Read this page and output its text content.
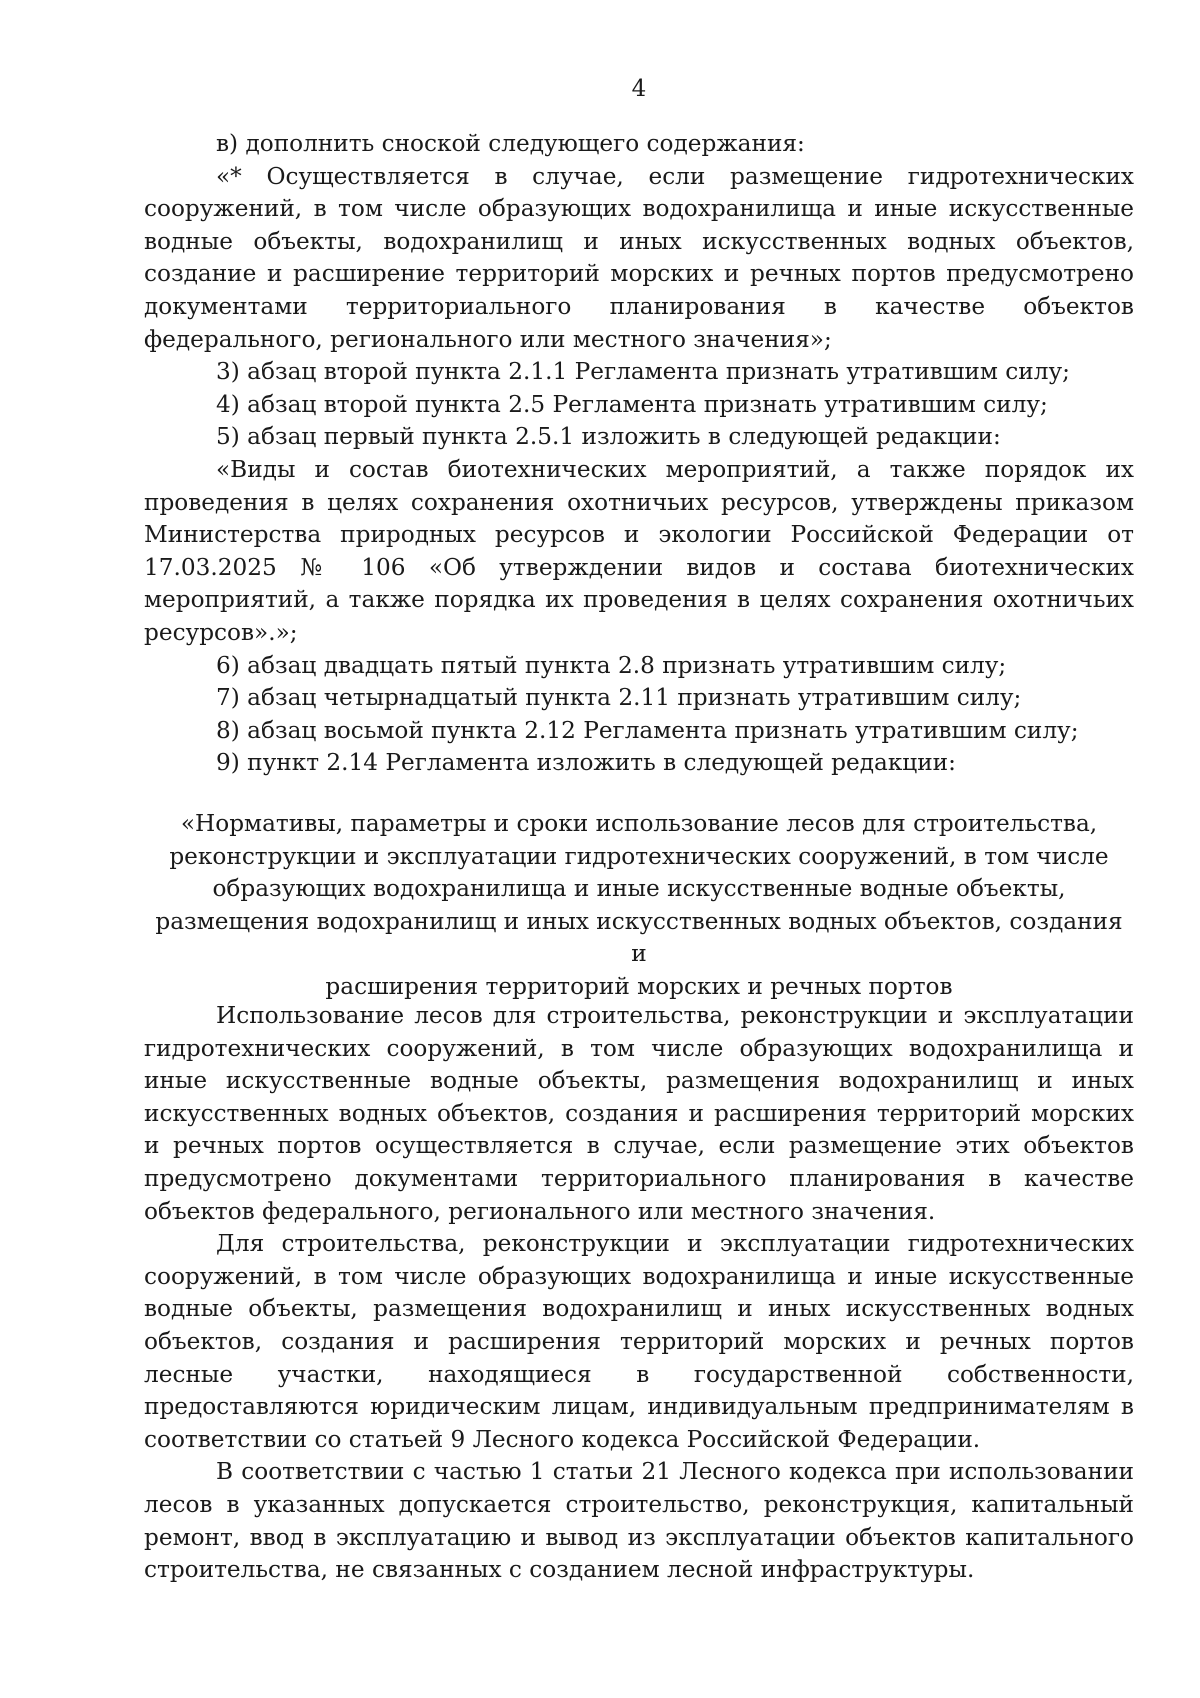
4

в) дополнить сноской следующего содержания:

«* Осуществляется в случае, если размещение гидротехнических сооружений, в том числе образующих водохранилища и иные искусственные водные объекты, водохранилищ и иных искусственных водных объектов, создание и расширение территорий морских и речных портов предусмотрено документами территориального планирования в качестве объектов федерального, регионального или местного значения»;

3) абзац второй пункта 2.1.1 Регламента признать утратившим силу;

4) абзац второй пункта 2.5 Регламента признать утратившим силу;

5) абзац первый пункта 2.5.1 изложить в следующей редакции:

«Виды и состав биотехнических мероприятий, а также порядок их проведения в целях сохранения охотничьих ресурсов, утверждены приказом Министерства природных ресурсов и экологии Российской Федерации от 17.03.2025 № 106 «Об утверждении видов и состава биотехнических мероприятий, а также порядка их проведения в целях сохранения охотничьих ресурсов».»;

6) абзац двадцать пятый пункта 2.8 признать утратившим силу;

7) абзац четырнадцатый пункта 2.11 признать утратившим силу;

8) абзац восьмой пункта 2.12 Регламента признать утратившим силу;

9) пункт 2.14 Регламента изложить в следующей редакции:

«Нормативы, параметры и сроки использование лесов для строительства,
реконструкции и эксплуатации гидротехнических сооружений, в том числе
образующих водохранилища и иные искусственные водные объекты,
размещения водохранилищ и иных искусственных водных объектов, создания и
расширения территорий морских и речных портов

Использование лесов для строительства, реконструкции и эксплуатации гидротехнических сооружений, в том числе образующих водохранилища и иные искусственные водные объекты, размещения водохранилищ и иных искусственных водных объектов, создания и расширения территорий морских и речных портов осуществляется в случае, если размещение этих объектов предусмотрено документами территориального планирования в качестве объектов федерального, регионального или местного значения.

Для строительства, реконструкции и эксплуатации гидротехнических сооружений, в том числе образующих водохранилища и иные искусственные водные объекты, размещения водохранилищ и иных искусственных водных объектов, создания и расширения территорий морских и речных портов лесные участки, находящиеся в государственной собственности, предоставляются юридическим лицам, индивидуальным предпринимателям в соответствии со статьей 9 Лесного кодекса Российской Федерации.

В соответствии с частью 1 статьи 21 Лесного кодекса при использовании лесов в указанных допускается строительство, реконструкция, капитальный ремонт, ввод в эксплуатацию и вывод из эксплуатации объектов капитального строительства, не связанных с созданием лесной инфраструктуры.
